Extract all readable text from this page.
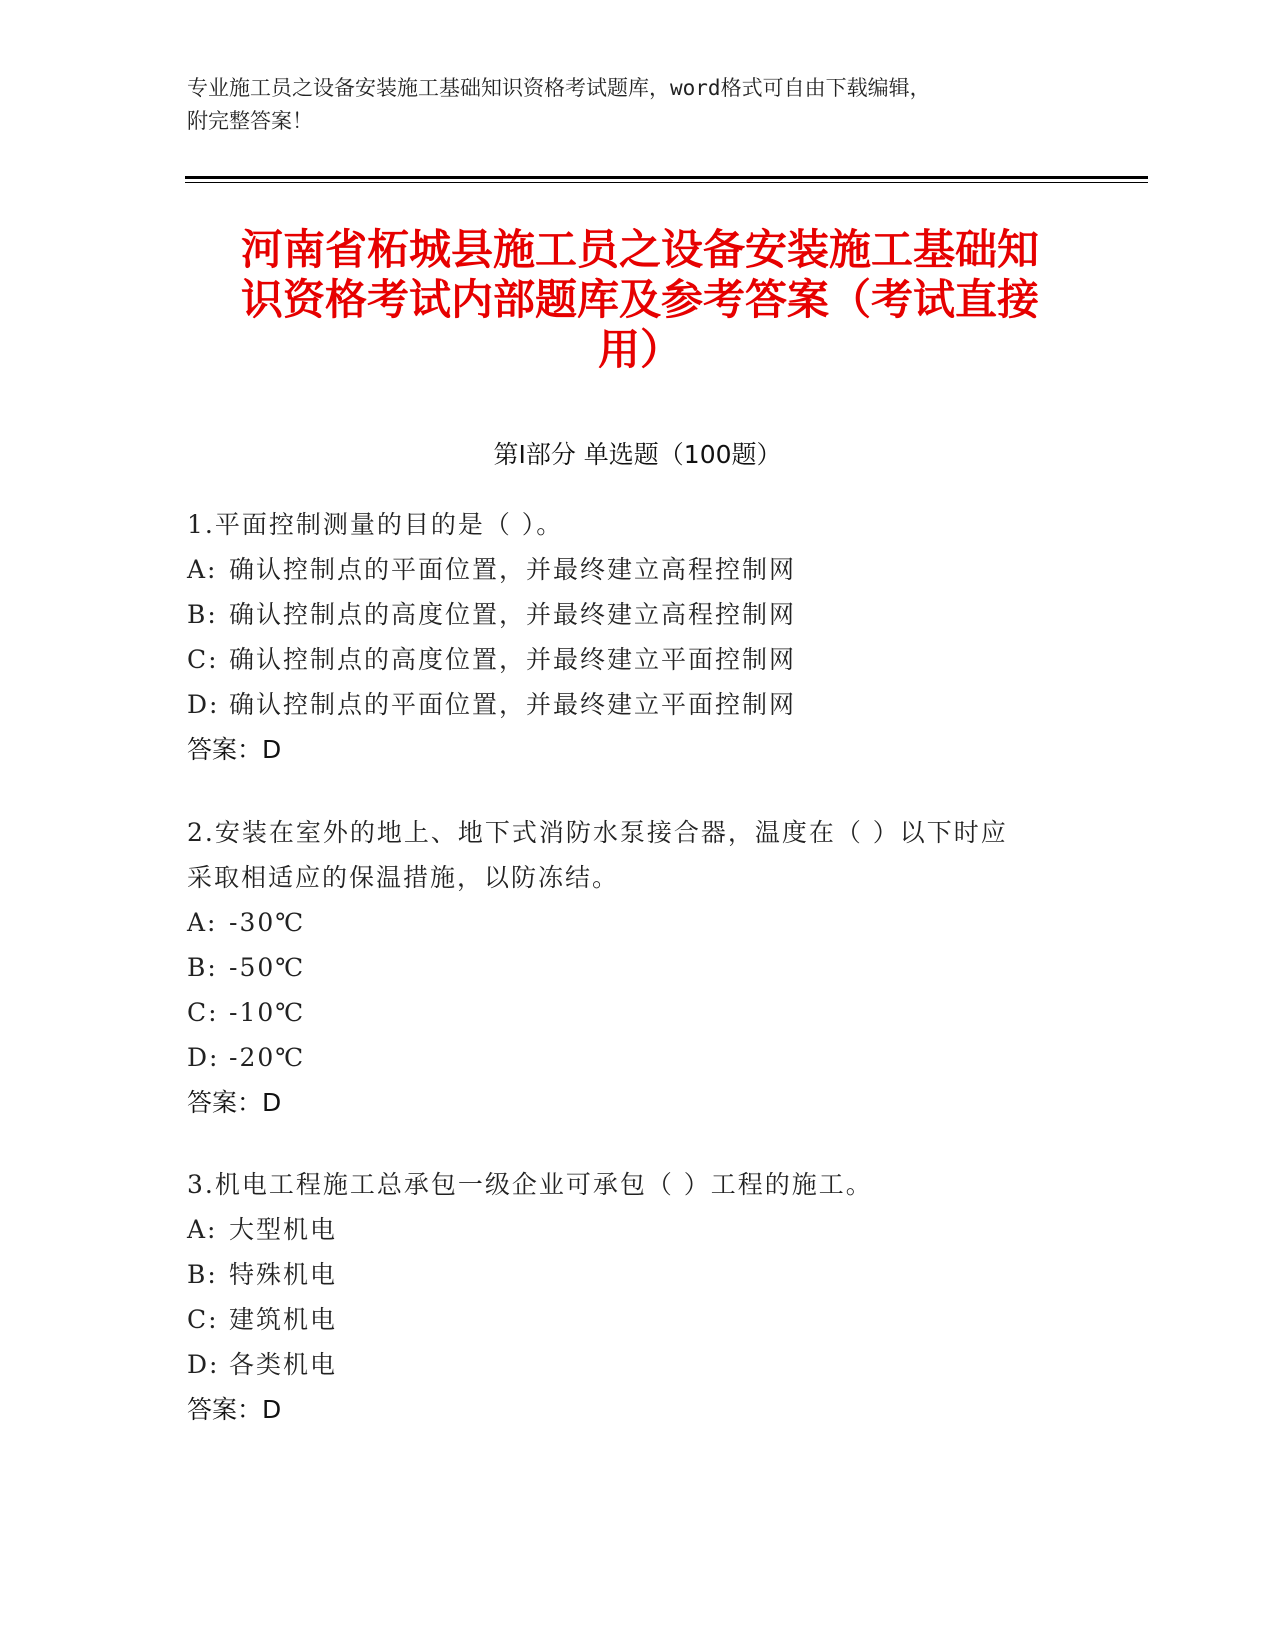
专业施工员之设备安装施工基础知识资格考试题库，word格式可自由下载编辑，
附完整答案！
河南省柘城县施工员之设备安装施工基础知
识资格考试内部题库及参考答案（考试直接
用）
第Ⅰ部分 单选题（100题）
1.平面控制测量的目的是（ ）。
A: 确认控制点的平面位置，并最终建立高程控制网
B: 确认控制点的高度位置，并最终建立高程控制网
C: 确认控制点的高度位置，并最终建立平面控制网
D: 确认控制点的平面位置，并最终建立平面控制网
答案：D
2.安装在室外的地上、地下式消防水泵接合器，温度在（ ）以下时应
采取相适应的保温措施，以防冻结。
A: -30℃
B: -50℃
C: -10℃
D: -20℃
答案：D
3.机电工程施工总承包一级企业可承包（ ）工程的施工。
A: 大型机电
B: 特殊机电
C: 建筑机电
D: 各类机电
答案：D
